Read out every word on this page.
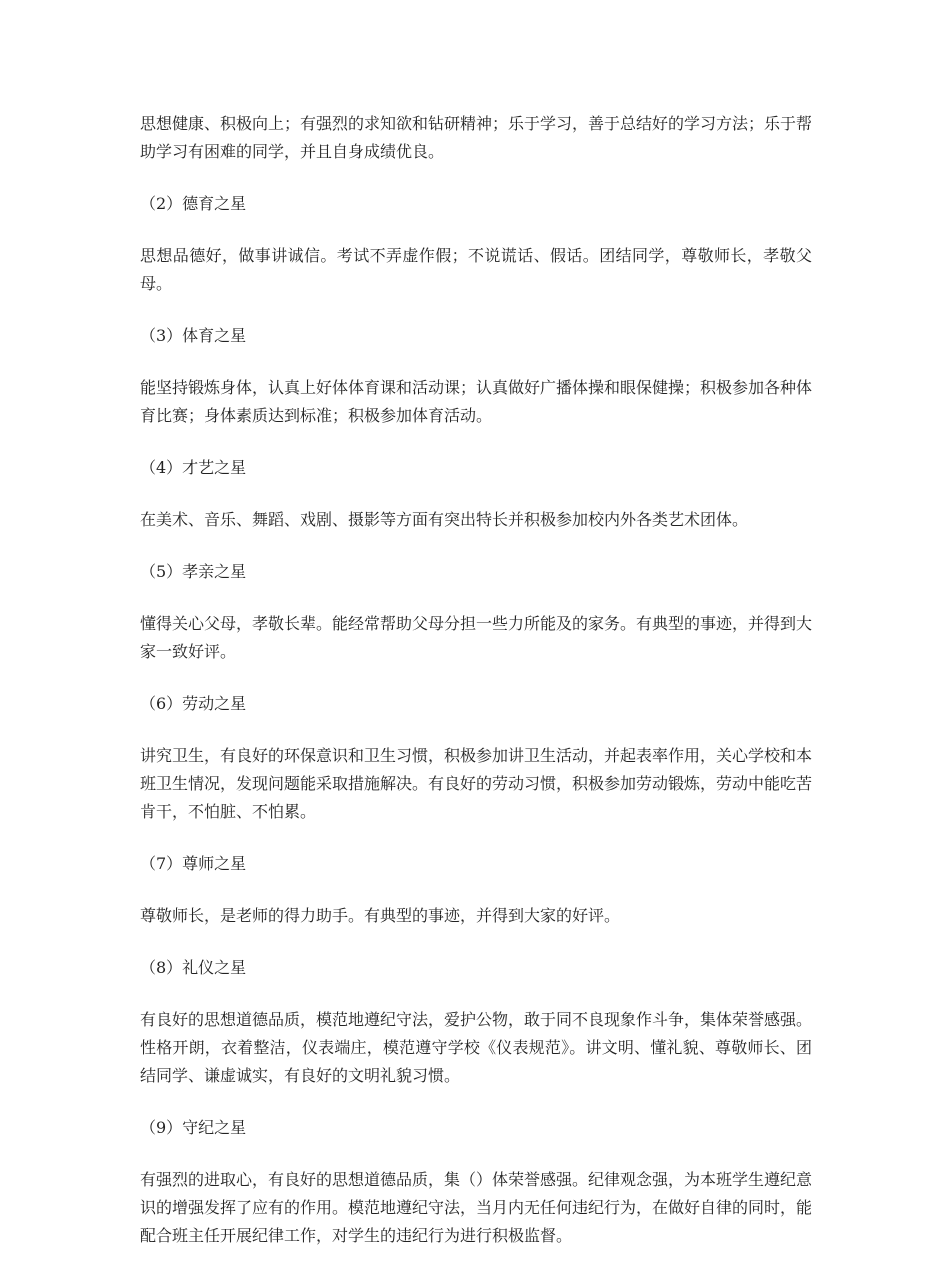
思想健康、积极向上；有强烈的求知欲和钻研精神；乐于学习，善于总结好的学习方法；乐于帮助学习有困难的同学，并且自身成绩优良。

（2）德育之星

思想品德好，做事讲诚信。考试不弄虚作假；不说谎话、假话。团结同学，尊敬师长，孝敬父母。

（3）体育之星

能坚持锻炼身体，认真上好体体育课和活动课；认真做好广播体操和眼保健操；积极参加各种体育比赛；身体素质达到标准；积极参加体育活动。

（4）才艺之星

在美术、音乐、舞蹈、戏剧、摄影等方面有突出特长并积极参加校内外各类艺术团体。

（5）孝亲之星

懂得关心父母，孝敬长辈。能经常帮助父母分担一些力所能及的家务。有典型的事迹，并得到大家一致好评。

（6）劳动之星

讲究卫生，有良好的环保意识和卫生习惯，积极参加讲卫生活动，并起表率作用，关心学校和本班卫生情况，发现问题能采取措施解决。有良好的劳动习惯，积极参加劳动锻炼，劳动中能吃苦肯干，不怕脏、不怕累。

（7）尊师之星

尊敬师长，是老师的得力助手。有典型的事迹，并得到大家的好评。

（8）礼仪之星

有良好的思想道德品质，模范地遵纪守法，爱护公物，敢于同不良现象作斗争，集体荣誉感强。性格开朗，衣着整洁，仪表端庄，模范遵守学校《仪表规范》。讲文明、懂礼貌、尊敬师长、团结同学、谦虚诚实，有良好的文明礼貌习惯。

（9）守纪之星

有强烈的进取心，有良好的思想道德品质，集（）体荣誉感强。纪律观念强，为本班学生遵纪意识的增强发挥了应有的作用。模范地遵纪守法，当月内无任何违纪行为，在做好自律的同时，能配合班主任开展纪律工作，对学生的违纪行为进行积极监督。
